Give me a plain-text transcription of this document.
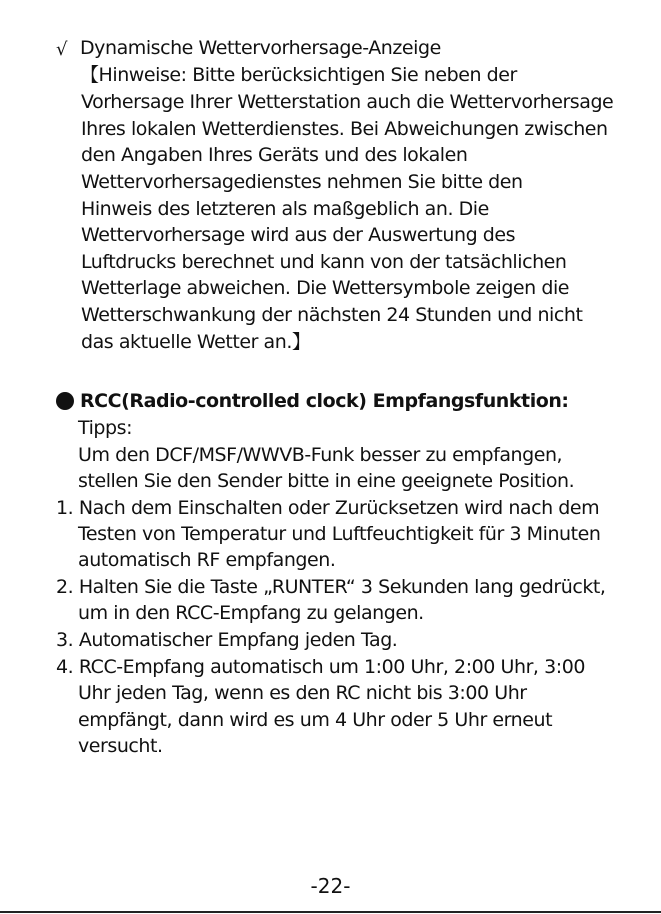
√ Dynamische Wettervorhersage-Anzeige
【Hinweise: Bitte berücksichtigen Sie neben der
Vorhersage Ihrer Wetterstation auch die Wettervorhersage
Ihres lokalen Wetterdienstes. Bei Abweichungen zwischen
den Angaben Ihres Geräts und des lokalen
Wettervorhersagedienstes nehmen Sie bitte den
Hinweis des letzteren als maßgeblich an. Die
Wettervorhersage wird aus der Auswertung des
Luftdrucks berechnet und kann von der tatsächlichen
Wetterlage abweichen. Die Wettersymbole zeigen die
Wetterschwankung der nächsten 24 Stunden und nicht
das aktuelle Wetter an.】
RCC(Radio-controlled clock) Empfangsfunktion:
Tipps:
Um den DCF/MSF/WWVB-Funk besser zu empfangen,
stellen Sie den Sender bitte in eine geeignete Position.
1. Nach dem Einschalten oder Zurücksetzen wird nach dem
Testen von Temperatur und Luftfeuchtigkeit für 3 Minuten
automatisch RF empfangen.
2. Halten Sie die Taste „RUNTER“ 3 Sekunden lang gedrückt,
um in den RCC-Empfang zu gelangen.
3. Automatischer Empfang jeden Tag.
4. RCC-Empfang automatisch um 1:00 Uhr, 2:00 Uhr, 3:00
Uhr jeden Tag, wenn es den RC nicht bis 3:00 Uhr
empfängt, dann wird es um 4 Uhr oder 5 Uhr erneut
versucht.
-22-
